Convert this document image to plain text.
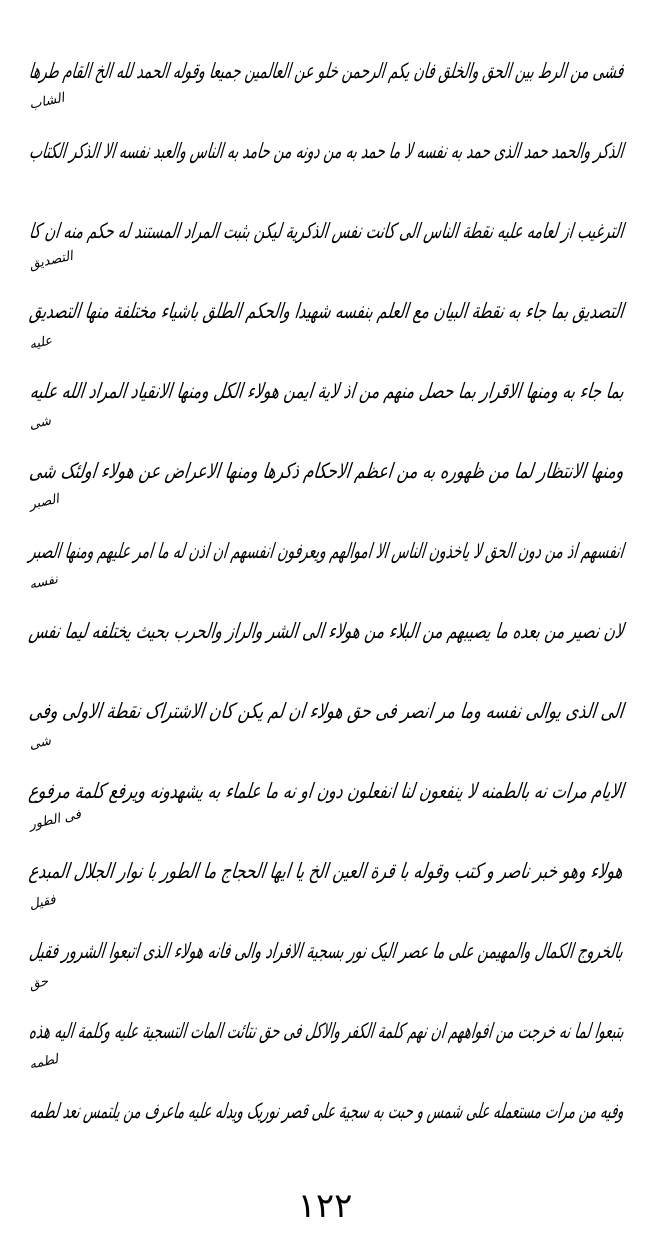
فشی من الرط بین الحق والخلق فان یکم الرحمن خلو عن العالمین جمیعا وقوله الحمد لله الخ القام طرها
الذکر والحمد حمد الذی حمد به نفسه لا ما حمد به من دونه من حامد به الناس والعبد نفسه الا الذکر الکتاب
الشاب
الترغیب از لعامه علیه نقطة الناس الی کانت نفس الذکریة لیکن بثبت المراد المستند له حکم منه ان کا
التصدیق بما جاء به نقطة البیان مع العلم بنفسه شهیدا والحکم الطلق باشیاء مختلفة منها التصدیق
التصدیق
بما جاء به ومنها الاقرار بما حصل منهم من اذ لاية ایمن هولاء الکل ومنها الانقیاد المراد الله علیه
علیه
ومنها الانتظار لما من ظهوره به من اعظم الاحکام ذکرها ومنها الاعراض عن هولاء اولئک شی
شی
انفسهم اذ من دون الحق لا یاخذون الناس الا اموالهم ویعرفون انفسهم ان اذن له ما امر علیهم ومنها الصبر
الصبر
لان نصیر من بعده ما یصیبهم من البلاء من هولاء الی الشر والراز والحرب بحیث یختلفه لیما نفس
نفسه
الی الذی یوالی نفسه وما مر انصر فی حق هولاء ان لم یکن کان الاشتراک نقطة الاولی وفی
الایام مرات نه بالطمنه لا ینفعون لنا انفعلون دون او نه ما علماء به یشهدونه ویرفع کلمة مرفوع
شی
هولاء وهو خبر ناصر و کتب وقوله با قرة العین الخ یا ایها الحجاج ما الطور با نوار الجلال المبدع
فی الطور
بالخروج الکمال والمهیمن علی ما عصر الیک نور بسجیة الافراد والی فانه هولاء الذی اتبعوا الشرور فقیل
فقیل
بتبعوا لما نه خرجت من افواههم ان نهم کلمة الکفر والاکل فی حق نتائت المات التسجیة علیه وکلمة الیه هذه
حق
وفیه من مرات مستعمله علی شمس و حبت به سجیة علی قصر نوریک ویدله علیه ماعرف من یلتمس نعد لطمه
لطمه
١٢٢
